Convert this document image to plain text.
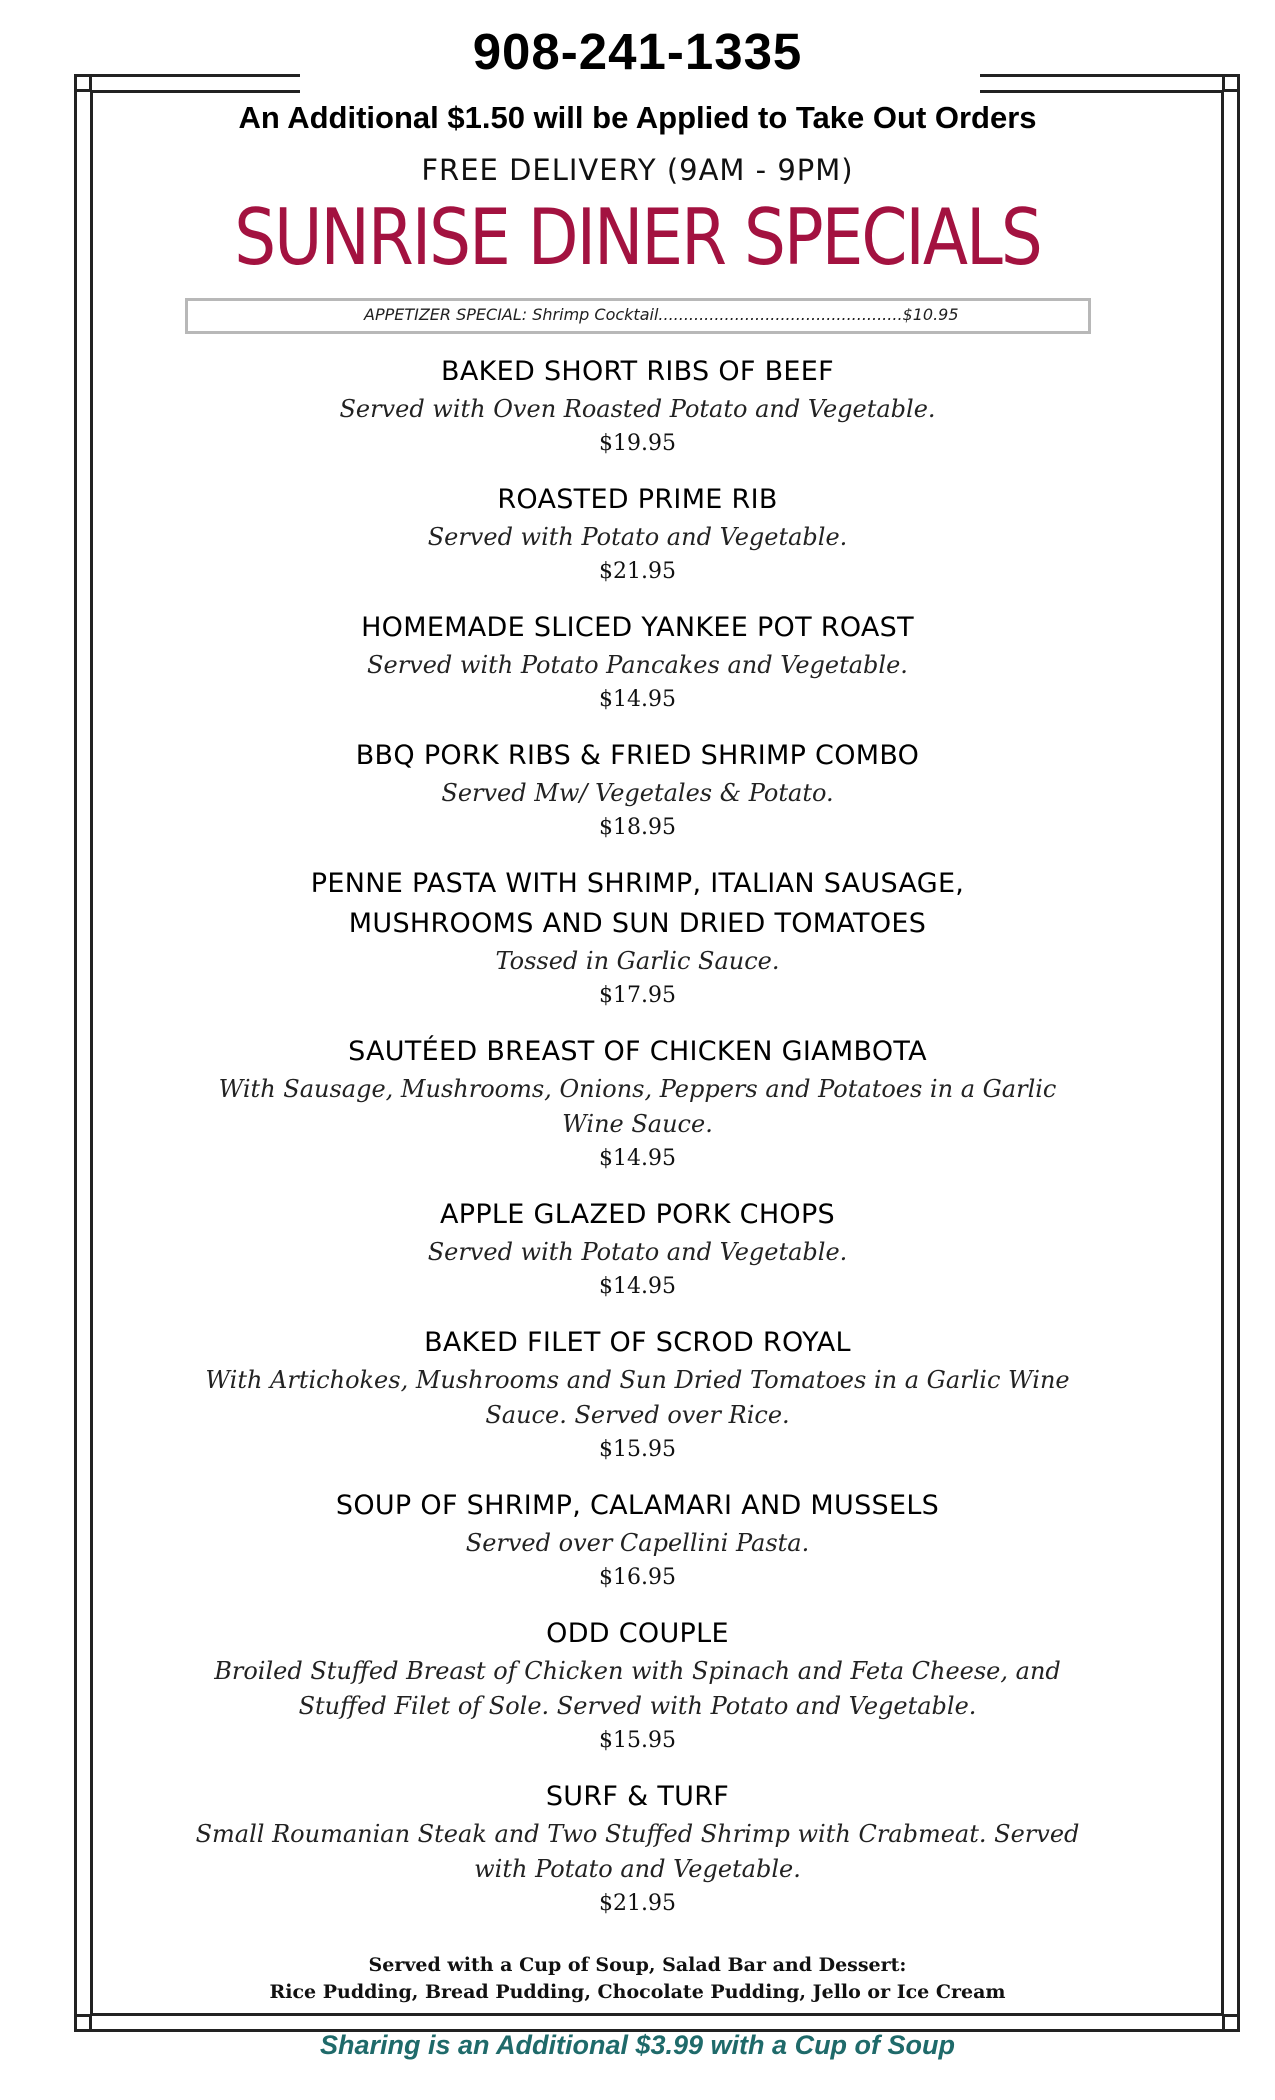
908-241-1335
An Additional $1.50 will be Applied to Take Out Orders
FREE DELIVERY (9AM - 9PM)
SUNRISE DINER SPECIALS
APPETIZER SPECIAL: Shrimp Cocktail................................................$10.95
BAKED SHORT RIBS OF BEEF
Served with Oven Roasted Potato and Vegetable.
$19.95
ROASTED PRIME RIB
Served with Potato and Vegetable.
$21.95
HOMEMADE SLICED YANKEE POT ROAST
Served with Potato Pancakes and Vegetable.
$14.95
BBQ PORK RIBS & FRIED SHRIMP COMBO
Served Mw/ Vegetales & Potato.
$18.95
PENNE PASTA WITH SHRIMP, ITALIAN SAUSAGE, MUSHROOMS AND SUN DRIED TOMATOES
Tossed in Garlic Sauce.
$17.95
SAUTÉED BREAST OF CHICKEN GIAMBOTA
With Sausage, Mushrooms, Onions, Peppers and Potatoes in a Garlic Wine Sauce.
$14.95
APPLE GLAZED PORK CHOPS
Served with Potato and Vegetable.
$14.95
BAKED FILET OF SCROD ROYAL
With Artichokes, Mushrooms and Sun Dried Tomatoes in a Garlic Wine Sauce. Served over Rice.
$15.95
SOUP OF SHRIMP, CALAMARI AND MUSSELS
Served over Capellini Pasta.
$16.95
ODD COUPLE
Broiled Stuffed Breast of Chicken with Spinach and Feta Cheese, and Stuffed Filet of Sole. Served with Potato and Vegetable.
$15.95
SURF & TURF
Small Roumanian Steak and Two Stuffed Shrimp with Crabmeat. Served with Potato and Vegetable.
$21.95
Served with a Cup of Soup, Salad Bar and Dessert:
Rice Pudding, Bread Pudding, Chocolate Pudding, Jello or Ice Cream
Sharing is an Additional $3.99 with a Cup of Soup
